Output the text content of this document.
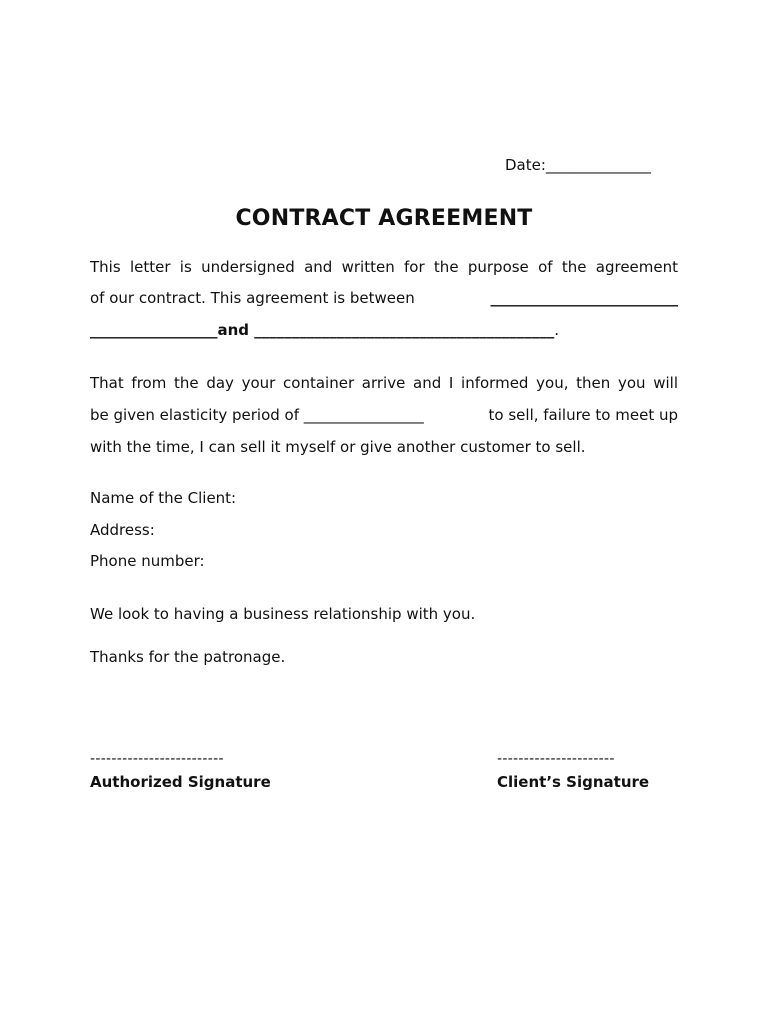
Date:______________
CONTRACT AGREEMENT
This letter is undersigned and written for the purpose of the agreement
of our contract. This agreement is between	_________________________
_________________and ________________________________________.
That from the day your container arrive and I informed you, then you will
be given elasticity period of ________________	to sell, failure to meet up
with the time, I can sell it myself or give another customer to sell.
Name of the Client:
Address:
Phone number:
We look to having a business relationship with you.
Thanks for the patronage.
-------------------------
Authorized Signature
----------------------
Client’s Signature
